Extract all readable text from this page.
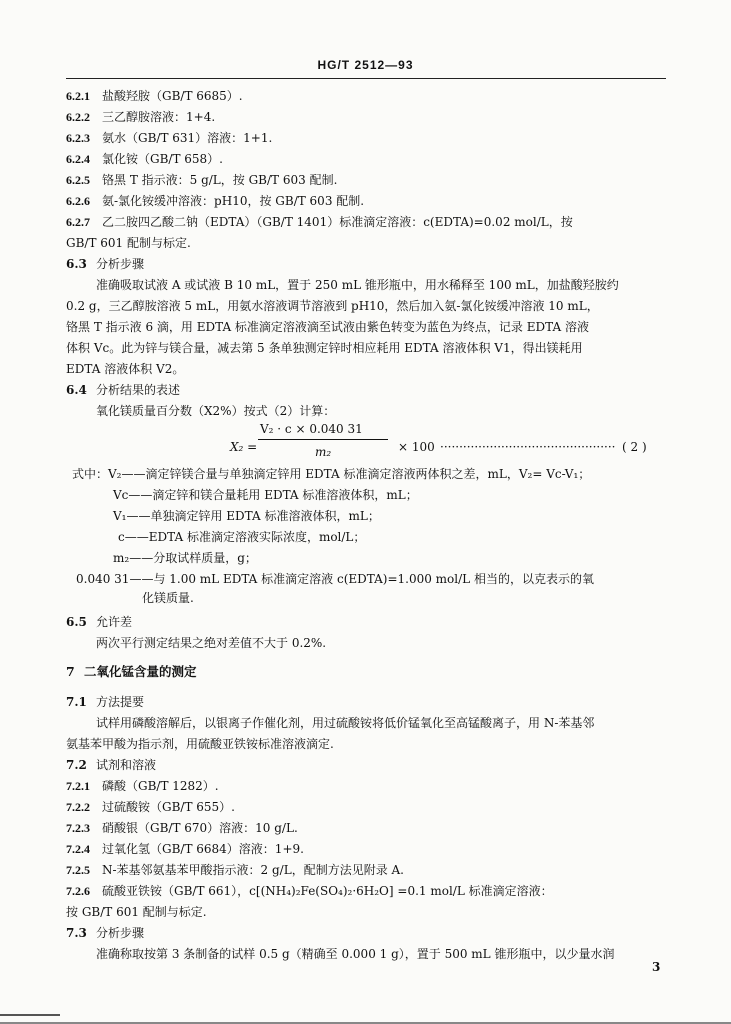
HG/T 2512—93
6.2.1 盐酸羟胺（GB/T 6685）.
6.2.2 三乙醇胺溶液：1+4.
6.2.3 氨水（GB/T 631）溶液：1+1.
6.2.4 氯化铵（GB/T 658）.
6.2.5 铬黑 T 指示液：5 g/L，按 GB/T 603 配制.
6.2.6 氨-氯化铵缓冲溶液：pH10，按 GB/T 603 配制.
6.2.7 乙二胺四乙酸二钠（EDTA）（GB/T 1401）标准滴定溶液：c(EDTA)=0.02 mol/L，按
GB/T 601 配制与标定.
6.3 分析步骤
准确吸取试液 A 或试液 B 10 mL，置于 250 mL 锥形瓶中，用水稀释至 100 mL，加盐酸羟胺约
0.2 g，三乙醇胺溶液 5 mL，用氨水溶液调节溶液到 pH10，然后加入氨-氯化铵缓冲溶液 10 mL，
铬黑 T 指示液 6 滴，用 EDTA 标准滴定溶液滴至试液由紫色转变为蓝色为终点，记录 EDTA 溶液
体积 Vc。此为锌与镁合量，减去第 5 条单独测定锌时相应耗用 EDTA 溶液体积 V1，得出镁耗用
EDTA 溶液体积 V2。
6.4 分析结果的表述
氧化镁质量百分数（X2%）按式（2）计算：
V₂ · c × 0.040 31
X₂ =	m₂	× 100 ·············································· ( 2 )
式中：V₂——滴定锌镁合量与单独滴定锌用 EDTA 标准滴定溶液两体积之差，mL，V₂= Vc-V₁；
Vc——滴定锌和镁合量耗用 EDTA 标准溶液体积，mL；
V₁——单独滴定锌用 EDTA 标准溶液体积，mL；
c——EDTA 标准滴定溶液实际浓度，mol/L；
m₂——分取试样质量，g；
0.040 31——与 1.00 mL EDTA 标准滴定溶液 c(EDTA)=1.000 mol/L 相当的，以克表示的氧
化镁质量.
6.5 允许差
两次平行测定结果之绝对差值不大于 0.2%.
7 二氧化锰含量的测定
7.1 方法提要
试样用磷酸溶解后，以银离子作催化剂，用过硫酸铵将低价锰氧化至高锰酸离子，用 N-苯基邻
氨基苯甲酸为指示剂，用硫酸亚铁铵标准溶液滴定.
7.2 试剂和溶液
7.2.1 磷酸（GB/T 1282）.
7.2.2 过硫酸铵（GB/T 655）.
7.2.3 硝酸银（GB/T 670）溶液：10 g/L.
7.2.4 过氧化氢（GB/T 6684）溶液：1+9.
7.2.5 N-苯基邻氨基苯甲酸指示液：2 g/L，配制方法见附录 A.
7.2.6 硫酸亚铁铵（GB/T 661），c[(NH₄)₂Fe(SO₄)₂·6H₂O] =0.1 mol/L 标准滴定溶液：
按 GB/T 601 配制与标定.
7.3 分析步骤
准确称取按第 3 条制备的试样 0.5 g（精确至 0.000 1 g），置于 500 mL 锥形瓶中，以少量水润
3
